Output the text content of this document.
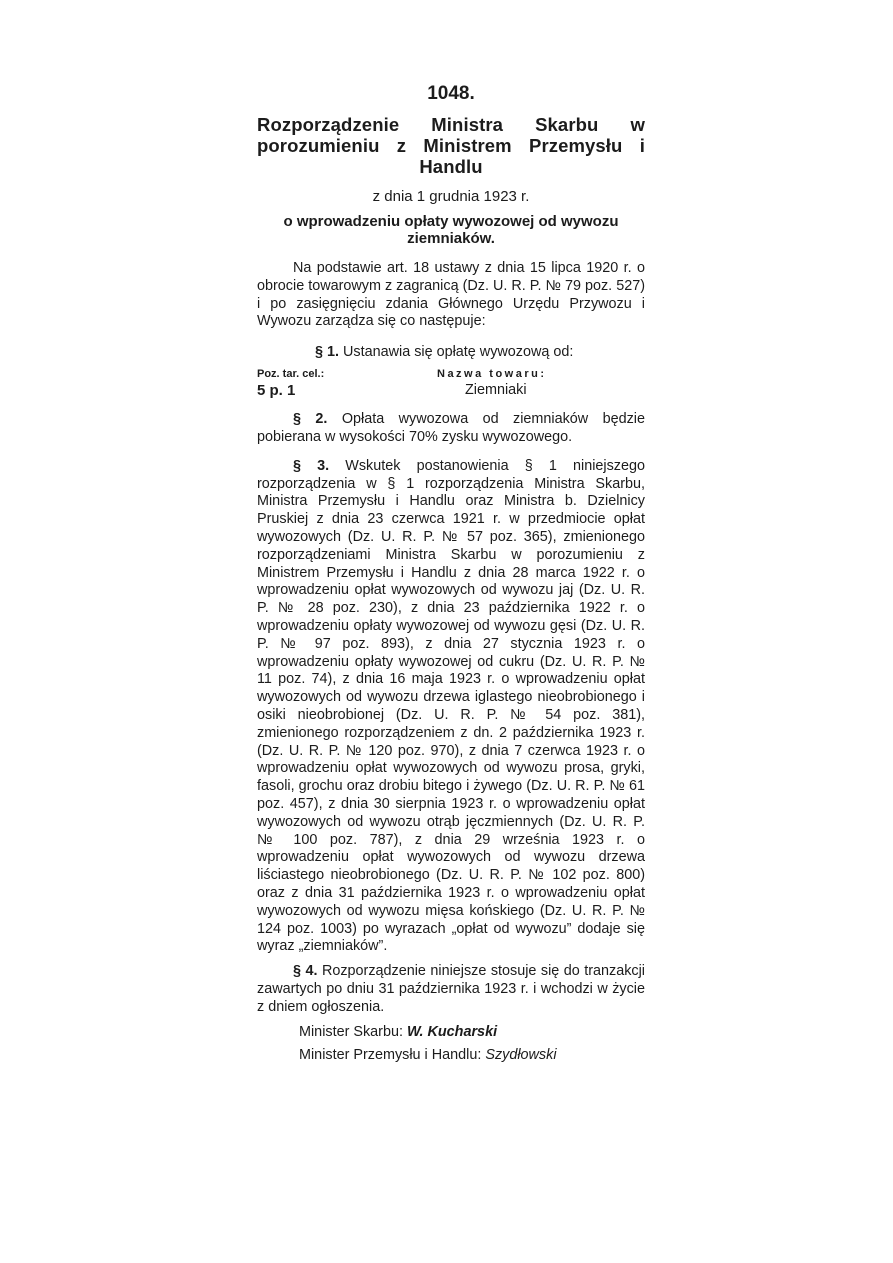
1048.
Rozporządzenie Ministra Skarbu w porozumieniu z Ministrem Przemysłu i Handlu
z dnia 1 grudnia 1923 r.
o wprowadzeniu opłaty wywozowej od wywozu ziemniaków.

Na podstawie art. 18 ustawy z dnia 15 lipca 1920 r. o obrocie towarowym z zagranicą (Dz. U. R. P. № 79 poz. 527) i po zasięgnięciu zdania Głównego Urzędu Przywozu i Wywozu zarządza się co następuje:

§ 1. Ustanawia się opłatę wywozową od:
Poz. tar. cel.:	Nazwa towaru:
5 p. 1	Ziemniaki

§ 2. Opłata wywozowa od ziemniaków będzie pobierana w wysokości 70% zysku wywozowego.

§ 3. Wskutek postanowienia § 1 niniejszego rozporządzenia w § 1 rozporządzenia Ministra Skarbu, Ministra Przemysłu i Handlu oraz Ministra b. Dzielnicy Pruskiej z dnia 23 czerwca 1921 r. w przedmiocie opłat wywozowych (Dz. U. R. P. № 57 poz. 365), zmienionego rozporządzeniami Ministra Skarbu w porozumieniu z Ministrem Przemysłu i Handlu z dnia 28 marca 1922 r. o wprowadzeniu opłat wywozowych od wywozu jaj (Dz. U. R. P. № 28 poz. 230), z dnia 23 października 1922 r. o wprowadzeniu opłaty wywozowej od wywozu gęsi (Dz. U. R. P. № 97 poz. 893), z dnia 27 stycznia 1923 r. o wprowadzeniu opłaty wywozowej od cukru (Dz. U. R. P. № 11 poz. 74), z dnia 16 maja 1923 r. o wprowadzeniu opłat wywozowych od wywozu drzewa iglastego nieobrobionego i osiki nieobrobionej (Dz. U. R. P. № 54 poz. 381), zmienionego rozporządzeniem z dn. 2 października 1923 r. (Dz. U. R. P. № 120 poz. 970), z dnia 7 czerwca 1923 r. o wprowadzeniu opłat wywozowych od wywozu prosa, gryki, fasoli, grochu oraz drobiu bitego i żywego (Dz. U. R. P. № 61 poz. 457), z dnia 30 sierpnia 1923 r. o wprowadzeniu opłat wywozowych od wywozu otrąb jęczmiennych (Dz. U. R. P. № 100 poz. 787), z dnia 29 września 1923 r. o wprowadzeniu opłat wywozowych od wywozu drzewa liściastego nieobrobionego (Dz. U. R. P. № 102 poz. 800) oraz z dnia 31 października 1923 r. o wprowadzeniu opłat wywozowych od wywozu mięsa końskiego (Dz. U. R. P. № 124 poz. 1003) po wyrazach „opłat od wywozu” dodaje się wyraz „ziemniaków”.

§ 4. Rozporządzenie niniejsze stosuje się do tranzakcji zawartych po dniu 31 października 1923 r. i wchodzi w życie z dniem ogłoszenia.

Minister Skarbu: W. Kucharski
Minister Przemysłu i Handlu: Szydłowski
